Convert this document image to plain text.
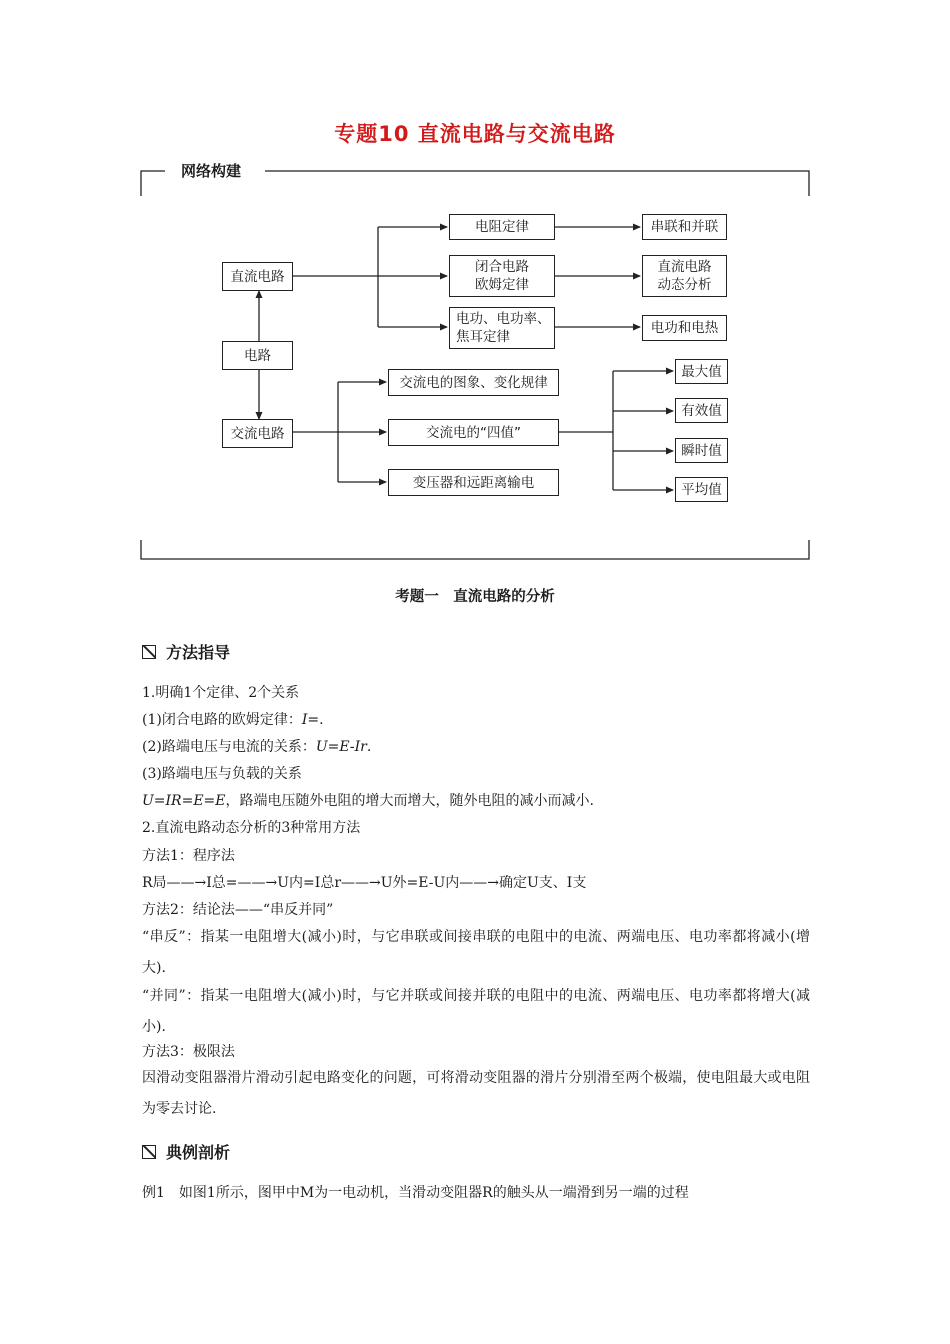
专题10 直流电路与交流电路
网络构建
直流电路
电路
交流电路
电阻定律
闭合电路
欧姆定律
电功、电功率、
焦耳定律
串联和并联
直流电路
动态分析
电功和电热
交流电的图象、变化规律
交流电的“四值”
变压器和远距离输电
最大值
有效值
瞬时值
平均值
考题一　直流电路的分析
方法指导
1.明确1个定律、2个关系
(1)闭合电路的欧姆定律：I=.
(2)路端电压与电流的关系：U=E-Ir.
(3)路端电压与负载的关系
U=IR=E=E，路端电压随外电阻的增大而增大，随外电阻的减小而减小.
2.直流电路动态分析的3种常用方法
方法1：程序法
R局——→I总=——→U内=I总r——→U外=E-U内——→确定U支、I支
方法2：结论法——“串反并同”
“串反”：指某一电阻增大(减小)时，与它串联或间接串联的电阻中的电流、两端电压、电功率都将减小(增大).
“并同”：指某一电阻增大(减小)时，与它并联或间接并联的电阻中的电流、两端电压、电功率都将增大(减小).
方法3：极限法
因滑动变阻器滑片滑动引起电路变化的问题，可将滑动变阻器的滑片分别滑至两个极端，使电阻最大或电阻为零去讨论.
典例剖析
例1　如图1所示，图甲中M为一电动机，当滑动变阻器R的触头从一端滑到另一端的过程
